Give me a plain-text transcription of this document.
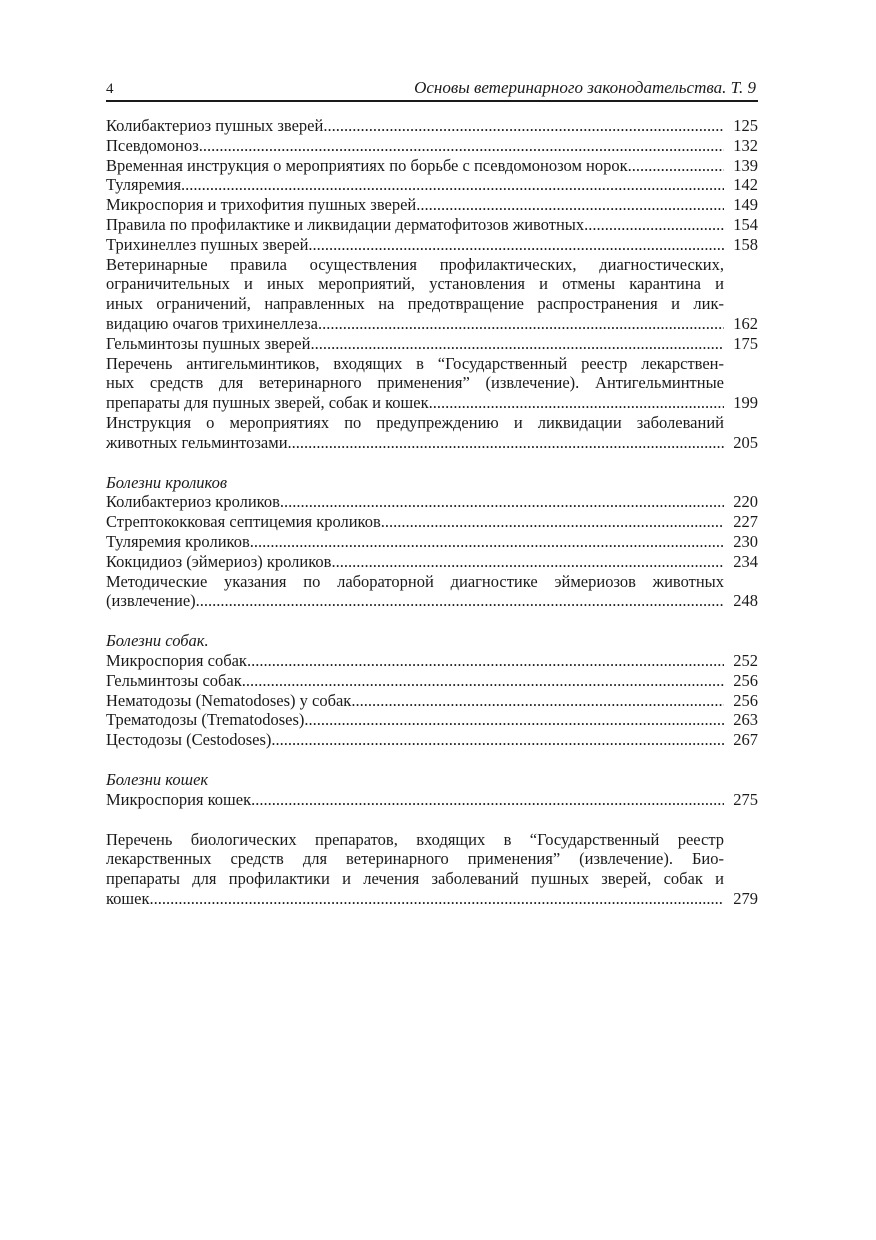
4	Основы ветеринарного законодательства. Т. 9
Колибактериоз пушных зверей .....	125
Псевдомоноз .....	132
Временная инструкция о мероприятиях по борьбе с псевдомонозом норок .....	139
Туляремия .....	142
Микроспория и трихофития пушных зверей .....	149
Правила по профилактике и ликвидации дерматофитозов животных .....	154
Трихинеллез пушных зверей .....	158
Ветеринарные правила осуществления профилактических, диагностических,
ограничительных и иных мероприятий, установления и отмены карантина и
иных ограничений, направленных на предотвращение распространения и лик-
видацию очагов трихинеллеза .....	162
Гельминтозы пушных зверей .....	175
Перечень антигельминтиков, входящих в “Государственный реестр лекарствен-
ных средств для ветеринарного применения” (извлечение). Антигельминтные
препараты для пушных зверей, собак и кошек .....	199
Инструкция о мероприятиях по предупреждению и ликвидации заболеваний
животных гельминтозами .....	205
Болезни кроликов
Колибактериоз кроликов .....	220
Стрептококковая септицемия кроликов .....	227
Туляремия кроликов .....	230
Кокцидиоз (эймериоз) кроликов .....	234
Методические указания по лабораторной диагностике эймериозов животных
(извлечение) .....	248
Болезни собак.
Микроспория собак .....	252
Гельминтозы собак .....	256
Нематодозы (Nematodoses) у собак .....	256
Трематодозы (Trematodoses) .....	263
Цестодозы (Cestodoses) .....	267
Болезни кошек
Микроспория кошек .....	275
Перечень биологических препаратов, входящих в “Государственный реестр
лекарственных средств для ветеринарного применения” (извлечение). Био-
препараты для профилактики и лечения заболеваний пушных зверей, собак и
кошек .....	279
